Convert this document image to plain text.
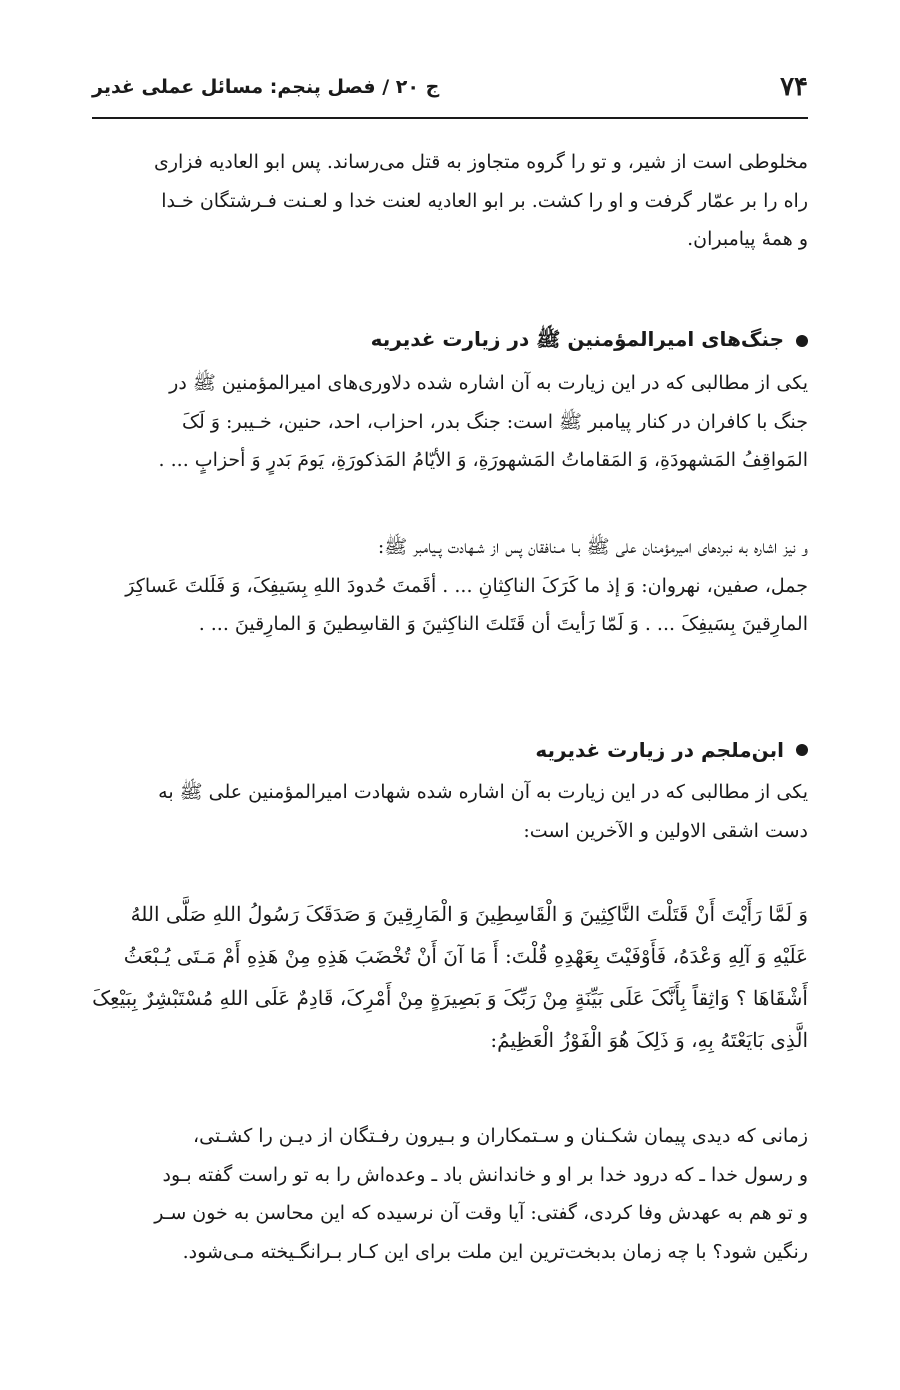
۷۴
ج ۲۰ / فصل پنجم: مسائل عملی غدیر
مخلوطی است از شیر، و تو را گروه متجاوز به قتل می‌رساند. پس ابو العادیه فزاری
راه را بر عمّار گرفت و او را کشت. بر ابو العادیه لعنت خدا و لعـنت فـرشتگان خـدا
و همهٔ پیامبران.
جنگ‌های امیرالمؤمنین ﷺ در زیارت غدیریه
یکی از مطالبی که در این زیارت به آن اشاره شده دلاوری‌های امیرالمؤمنین ﷺ در
جنگ با کافران در کنار پیامبر ﷺ است: جنگ بدر، احزاب، احد، حنین، خـیبر: وَ لَکَ
المَواقِفُ المَشهودَةِ، وَ المَقاماتُ المَشهورَةِ، وَ الأیّامُ المَذکورَةِ، یَومَ بَدرٍ وَ أحزابٍ ... .
و نیز اشاره به نبردهای امیرمؤمنان علی ﷺ بـا مـنافقان پس از شـهادت پـیامبر ﷺ:
جمل، صفین، نهروان: وَ إذ ما کَرَکَ الناکِثانِ ... . أقَمتَ حُدودَ اللهِ بِسَیفِکَ، وَ فَلَلتَ عَساکِرَ
المارِقینَ بِسَیفِکَ ... . وَ لَمّا رَأیتَ أن قَتَلتَ الناکِثینَ وَ القاسِطینَ وَ المارِقینَ ... .
ابن‌ملجم در زیارت غدیریه
یکی از مطالبی که در این زیارت به آن اشاره شده شهادت امیرالمؤمنین علی ﷺ به
دست اشقی الاولین و الآخرین است:
وَ لَمَّا رَأَیْتَ أَنْ قَتَلْتَ النَّاکِثِینَ وَ الْقَاسِطِینَ وَ الْمَارِقِینَ وَ صَدَقَکَ رَسُولُ اللهِ صَلَّی اللهُ
عَلَیْهِ وَ آلِهِ وَعْدَهُ، فَأَوْفَیْتَ بِعَهْدِهِ قُلْتَ: أَ مَا آنَ أَنْ تُخْضَبَ هَذِهِ مِنْ هَذِهِ أَمْ مَـتَی یُـبْعَثُ
أَشْقَاهَا ؟ وَاثِقاً بِأَنَّکَ عَلَی بَیِّنَةٍ مِنْ رَبِّکَ وَ بَصِیرَةٍ مِنْ أَمْرِکَ، قَادِمٌ عَلَی اللهِ مُسْتَبْشِرٌ بِبَیْعِکَ
الَّذِی بَایَعْتَهُ بِهِ، وَ ذَلِکَ هُوَ الْفَوْزُ الْعَظِیمُ:
زمانی که دیدی پیمان شکـنان و سـتمکاران و بـیرون رفـتگان از دیـن را کشـتی،
و رسول خدا ـ که درود خدا بر او و خاندانش باد ـ وعده‌اش را به تو راست گفته بـود
و تو هم به عهدش وفا کردی، گفتی: آیا وقت آن نرسیده که این محاسن به خون سـر
رنگین شود؟ با چه زمان بدبخت‌ترین این ملت برای این کـار بـرانگـیخته مـی‌شود.
